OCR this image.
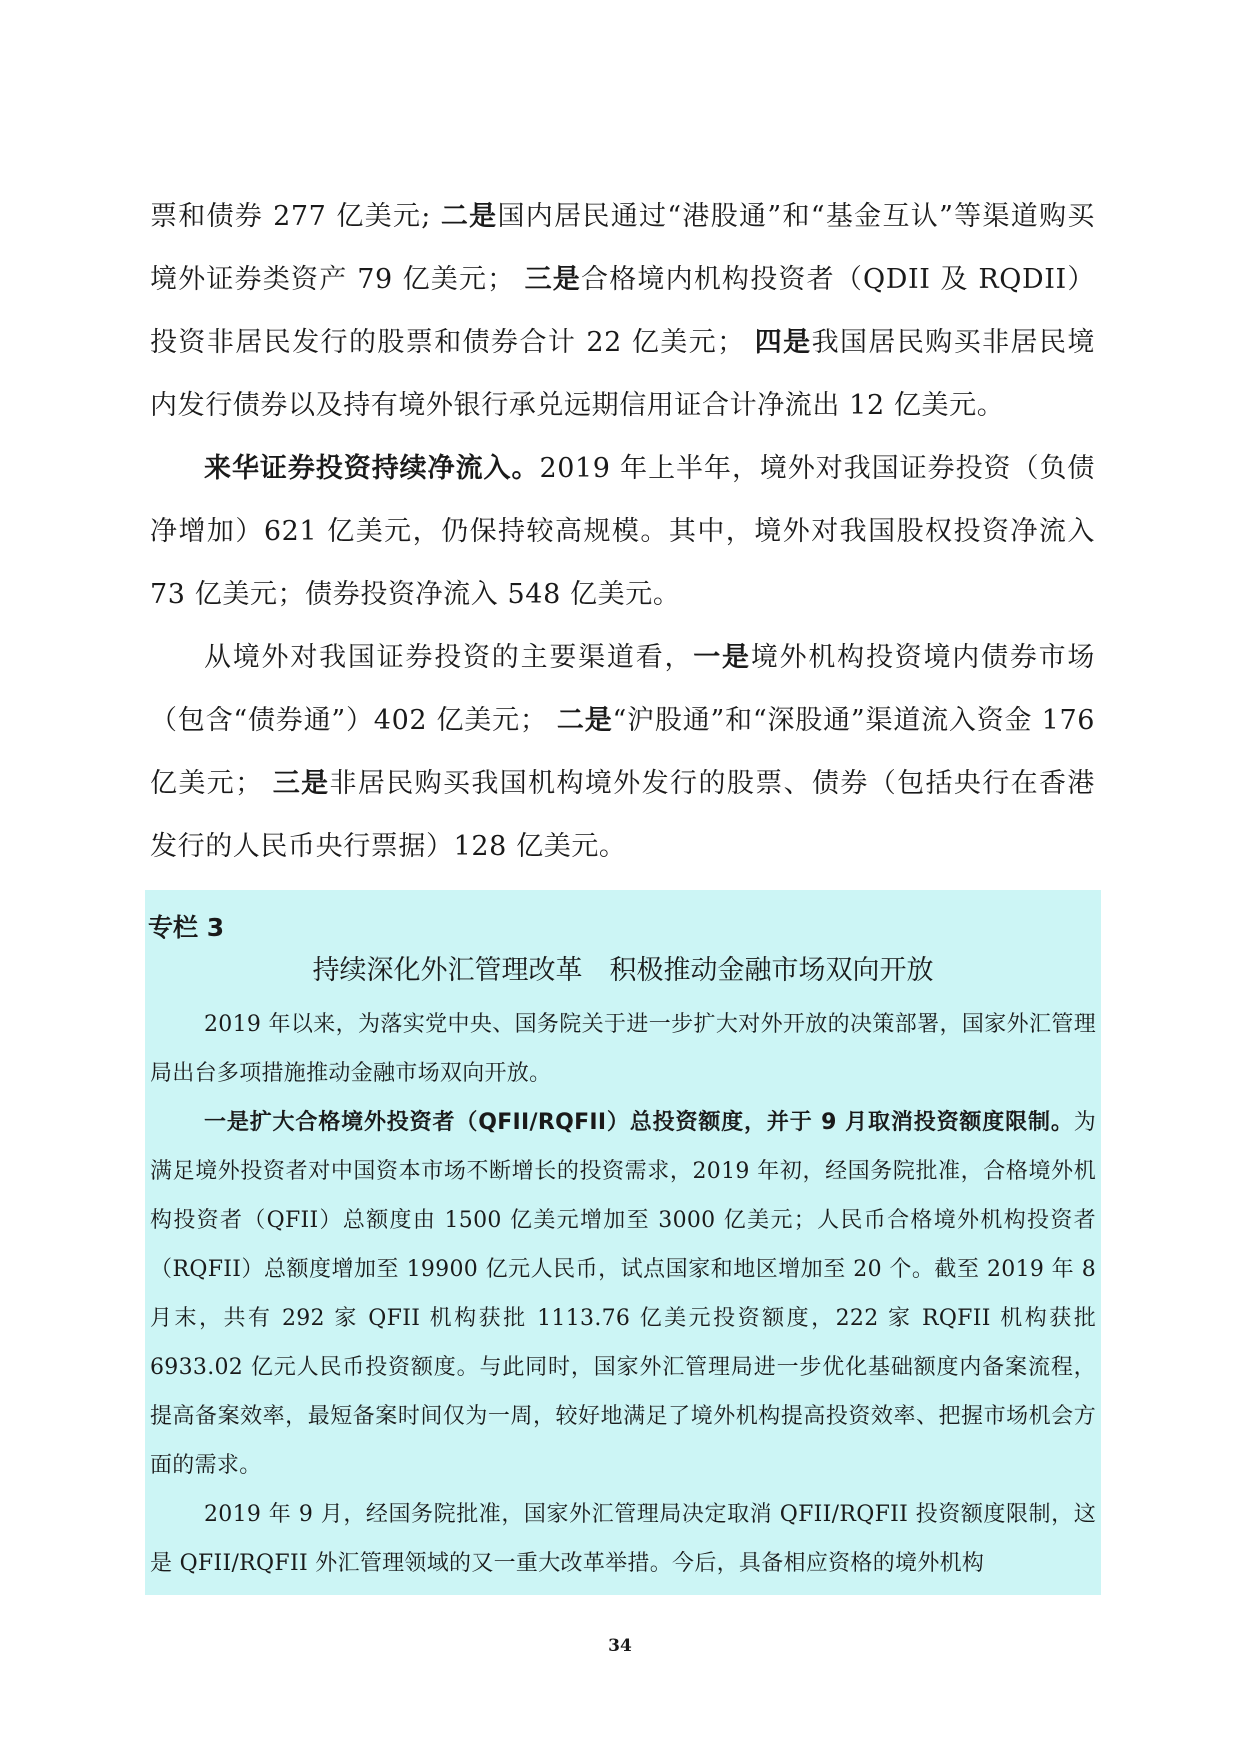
票和债券 277 亿美元; 二是国内居民通过“港股通”和“基金互认”等渠道购买境外证券类资产 79 亿美元； 三是合格境内机构投资者（QDII 及 RQDII）投资非居民发行的股票和债券合计 22 亿美元； 四是我国居民购买非居民境内发行债券以及持有境外银行承兑远期信用证合计净流出 12 亿美元。

来华证券投资持续净流入。2019 年上半年，境外对我国证券投资（负债净增加）621 亿美元，仍保持较高规模。其中，境外对我国股权投资净流入 73 亿美元；债券投资净流入 548 亿美元。

从境外对我国证券投资的主要渠道看，一是境外机构投资境内债券市场（包含“债券通”）402 亿美元； 二是“沪股通”和“深股通”渠道流入资金 176 亿美元； 三是非居民购买我国机构境外发行的股票、债券（包括央行在香港发行的人民币央行票据）128 亿美元。

专栏 3
持续深化外汇管理改革　积极推动金融市场双向开放

2019 年以来，为落实党中央、国务院关于进一步扩大对外开放的决策部署，国家外汇管理局出台多项措施推动金融市场双向开放。

一是扩大合格境外投资者（QFII/RQFII）总投资额度，并于 9 月取消投资额度限制。为满足境外投资者对中国资本市场不断增长的投资需求，2019 年初，经国务院批准，合格境外机构投资者（QFII）总额度由 1500 亿美元增加至 3000 亿美元；人民币合格境外机构投资者（RQFII）总额度增加至 19900 亿元人民币，试点国家和地区增加至 20 个。截至 2019 年 8 月末，共有 292 家 QFII 机构获批 1113.76 亿美元投资额度，222 家 RQFII 机构获批 6933.02 亿元人民币投资额度。与此同时，国家外汇管理局进一步优化基础额度内备案流程，提高备案效率，最短备案时间仅为一周，较好地满足了境外机构提高投资效率、把握市场机会方面的需求。

2019 年 9 月，经国务院批准，国家外汇管理局决定取消 QFII/RQFII 投资额度限制，这是 QFII/RQFII 外汇管理领域的又一重大改革举措。今后，具备相应资格的境外机构

34
